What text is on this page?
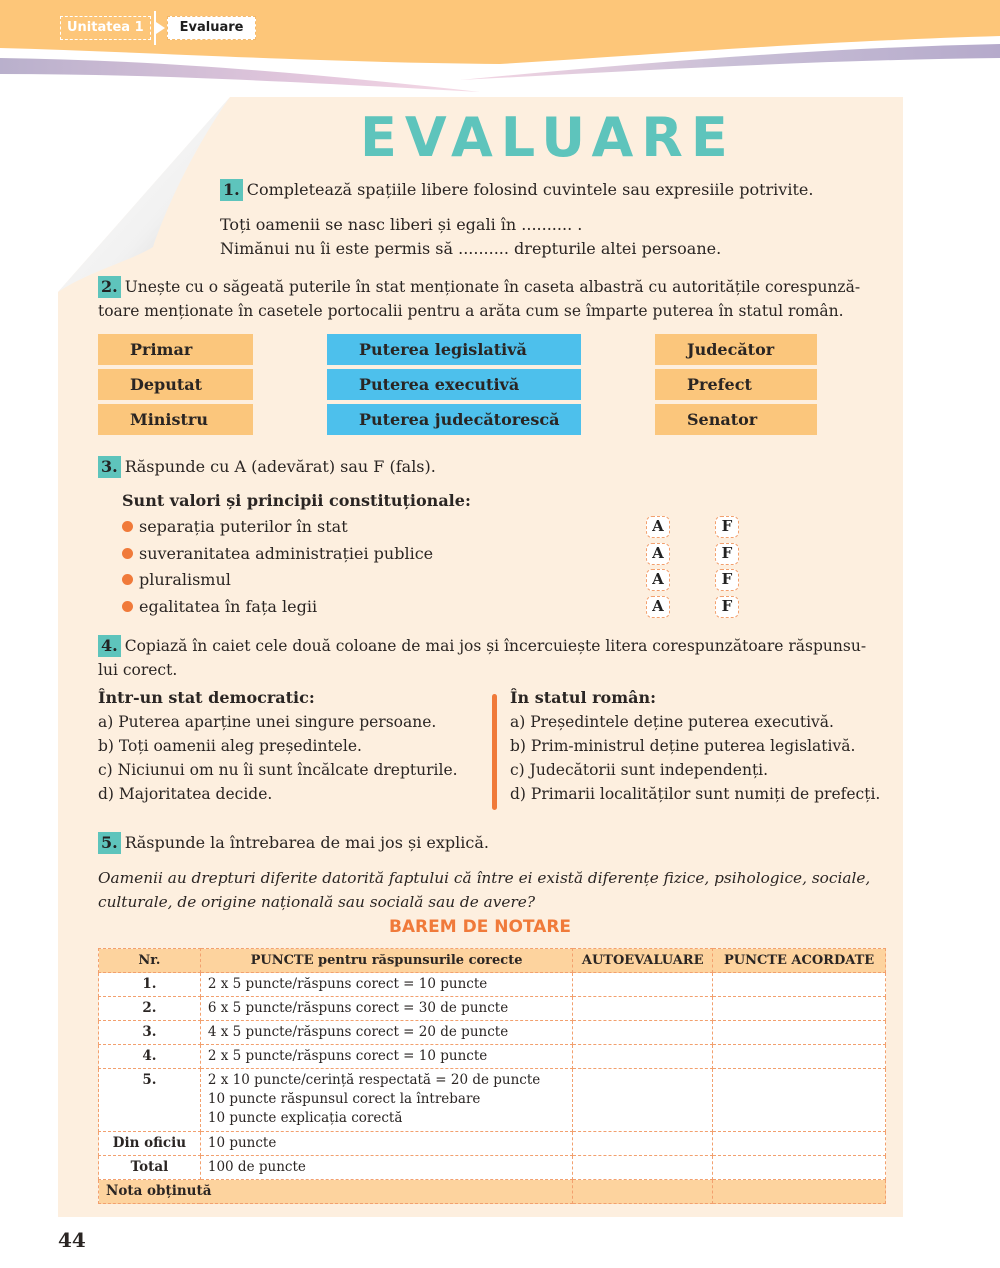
Unitatea 1	Evaluare
EVALUARE
1. Completează spațiile libere folosind cuvintele sau expresiile potrivite.
Toți oamenii se nasc liberi și egali în .......... .
Nimănui nu îi este permis să .......... drepturile altei persoane.
2. Unește cu o săgeată puterile în stat menționate în caseta albastră cu autoritățile corespunză-
toare menționate în casetele portocalii pentru a arăta cum se împarte puterea în statul român.
Primar
Deputat
Ministru
Puterea legislativă
Puterea executivă
Puterea judecătorescă
Judecător
Prefect
Senator
3. Răspunde cu A (adevărat) sau F (fals).
Sunt valori și principii constituționale:
separația puterilor în stat
suveranitatea administrației publice
pluralismul
egalitatea în fața legii
A	F
A	F
A	F
A	F
4. Copiază în caiet cele două coloane de mai jos și încercuiește litera corespunzătoare răspunsu-
lui corect.
Într-un stat democratic:
a) Puterea aparține unei singure persoane.
b) Toți oamenii aleg președintele.
c) Niciunui om nu îi sunt încălcate drepturile.
d) Majoritatea decide.
În statul român:
a) Președintele deține puterea executivă.
b) Prim-ministrul deține puterea legislativă.
c) Judecătorii sunt independenți.
d) Primarii localităților sunt numiți de prefecți.
5. Răspunde la întrebarea de mai jos și explică.
Oamenii au drepturi diferite datorită faptului că între ei există diferențe fizice, psihologice, sociale,
culturale, de origine națională sau socială sau de avere?
BAREM DE NOTARE
Nr.	PUNCTE pentru răspunsurile corecte	AUTOEVALUARE	PUNCTE ACORDATE
1.	2 x 5 puncte/răspuns corect = 10 puncte		
2.	6 x 5 puncte/răspuns corect = 30 de puncte		
3.	4 x 5 puncte/răspuns corect = 20 de puncte		
4.	2 x 5 puncte/răspuns corect = 10 puncte		
5.	2 x 10 puncte/cerință respectată = 20 de puncte
10 puncte răspunsul corect la întrebare
10 puncte explicația corectă		

Din oficiu	10 puncte		
Total	100 de puncte		
Nota obținută			
44
